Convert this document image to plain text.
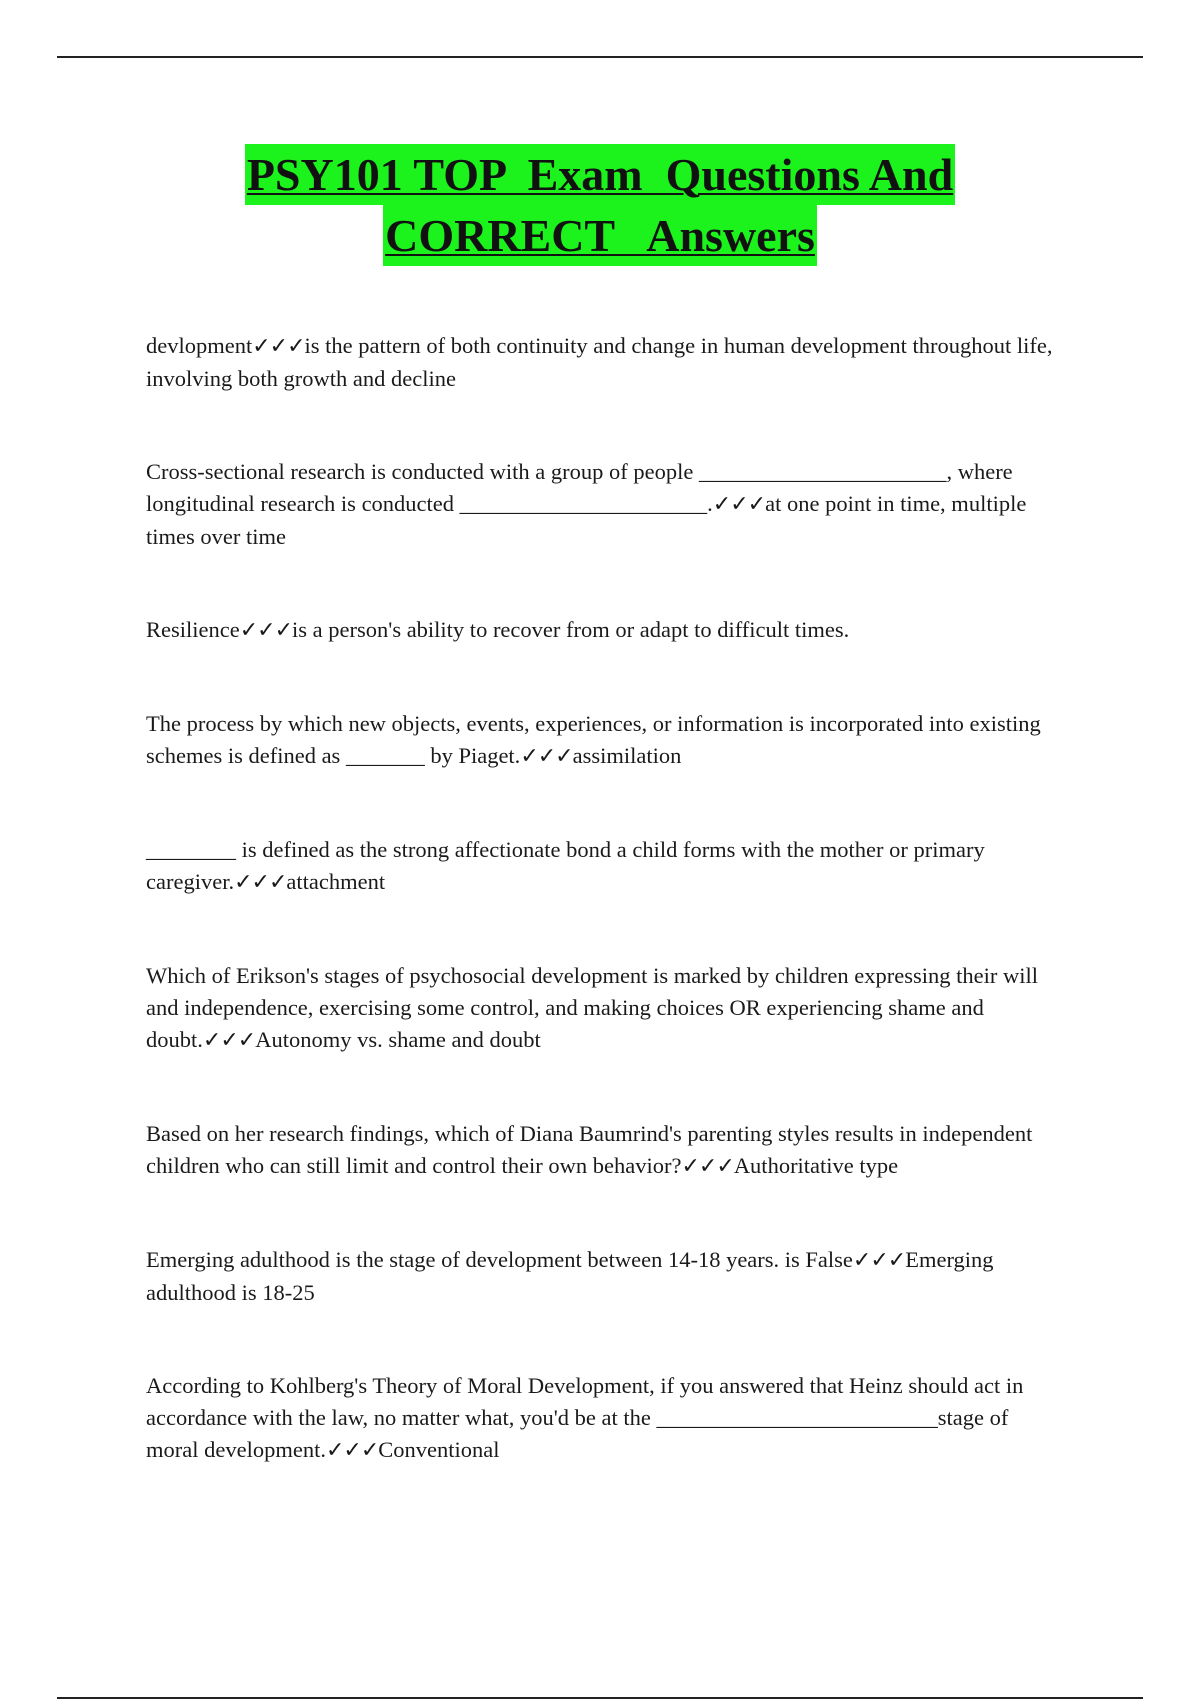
PSY101 TOP  Exam  Questions And
CORRECT   Answers

devlopment✓✓✓is the pattern of both continuity and change in human development throughout life, involving both growth and decline

Cross-sectional research is conducted with a group of people ______________________, where longitudinal research is conducted ______________________.✓✓✓at one point in time, multiple times over time

Resilience✓✓✓is a person's ability to recover from or adapt to difficult times.

The process by which new objects, events, experiences, or information is incorporated into existing schemes is defined as _______ by Piaget.✓✓✓assimilation

________ is defined as the strong affectionate bond a child forms with the mother or primary caregiver.✓✓✓attachment

Which of Erikson's stages of psychosocial development is marked by children expressing their will and independence, exercising some control, and making choices OR experiencing shame and doubt.✓✓✓Autonomy vs. shame and doubt

Based on her research findings, which of Diana Baumrind's parenting styles results in independent children who can still limit and control their own behavior?✓✓✓Authoritative type

Emerging adulthood is the stage of development between 14-18 years. is False✓✓✓Emerging adulthood is 18-25

According to Kohlberg's Theory of Moral Development, if you answered that Heinz should act in accordance with the law, no matter what, you'd be at the _________________________stage of moral development.✓✓✓Conventional
